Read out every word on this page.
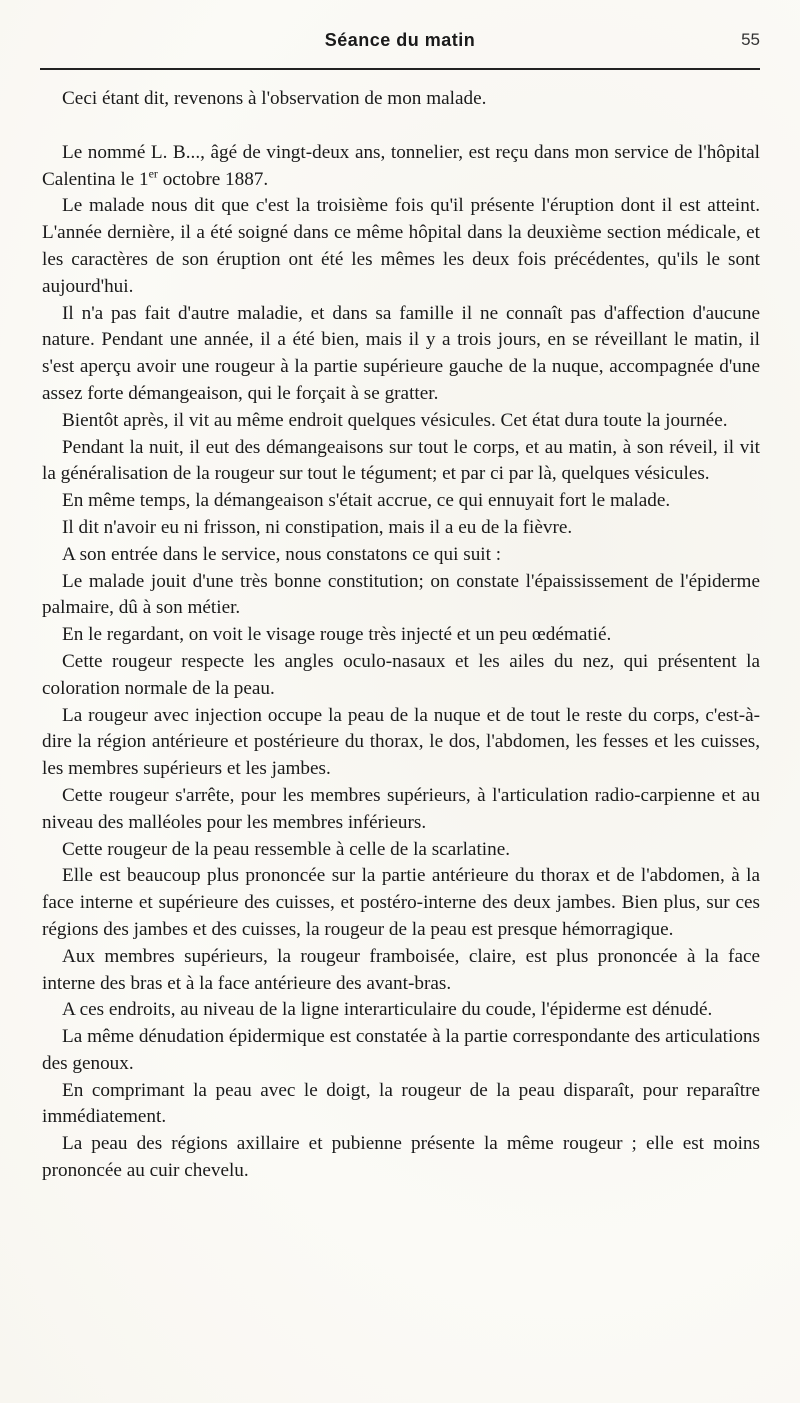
Séance du matin	55

Ceci étant dit, revenons à l'observation de mon malade.

Le nommé L. B..., âgé de vingt-deux ans, tonnelier, est reçu dans mon service de l'hôpital Calentina le 1er octobre 1887.

Le malade nous dit que c'est la troisième fois qu'il présente l'éruption dont il est atteint. L'année dernière, il a été soigné dans ce même hôpital dans la deuxième section médicale, et les caractères de son éruption ont été les mêmes les deux fois précédentes, qu'ils le sont aujourd'hui.

Il n'a pas fait d'autre maladie, et dans sa famille il ne connaît pas d'affection d'aucune nature. Pendant une année, il a été bien, mais il y a trois jours, en se réveillant le matin, il s'est aperçu avoir une rougeur à la partie supérieure gauche de la nuque, accompagnée d'une assez forte démangeaison, qui le forçait à se gratter.

Bientôt après, il vit au même endroit quelques vésicules. Cet état dura toute la journée.

Pendant la nuit, il eut des démangeaisons sur tout le corps, et au matin, à son réveil, il vit la généralisation de la rougeur sur tout le tégument; et par ci par là, quelques vésicules.

En même temps, la démangeaison s'était accrue, ce qui ennuyait fort le malade.

Il dit n'avoir eu ni frisson, ni constipation, mais il a eu de la fièvre.

A son entrée dans le service, nous constatons ce qui suit :

Le malade jouit d'une très bonne constitution; on constate l'épaississement de l'épiderme palmaire, dû à son métier.

En le regardant, on voit le visage rouge très injecté et un peu œdématié.

Cette rougeur respecte les angles oculo-nasaux et les ailes du nez, qui présentent la coloration normale de la peau.

La rougeur avec injection occupe la peau de la nuque et de tout le reste du corps, c'est-à-dire la région antérieure et postérieure du thorax, le dos, l'abdomen, les fesses et les cuisses, les membres supérieurs et les jambes.

Cette rougeur s'arrête, pour les membres supérieurs, à l'articulation radio-carpienne et au niveau des malléoles pour les membres inférieurs.

Cette rougeur de la peau ressemble à celle de la scarlatine.

Elle est beaucoup plus prononcée sur la partie antérieure du thorax et de l'abdomen, à la face interne et supérieure des cuisses, et postéro-interne des deux jambes. Bien plus, sur ces régions des jambes et des cuisses, la rougeur de la peau est presque hémorragique.

Aux membres supérieurs, la rougeur framboisée, claire, est plus prononcée à la face interne des bras et à la face antérieure des avant-bras.

A ces endroits, au niveau de la ligne interarticulaire du coude, l'épiderme est dénudé.

La même dénudation épidermique est constatée à la partie correspondante des articulations des genoux.

En comprimant la peau avec le doigt, la rougeur de la peau disparaît, pour reparaître immédiatement.

La peau des régions axillaire et pubienne présente la même rougeur ; elle est moins prononcée au cuir chevelu.
